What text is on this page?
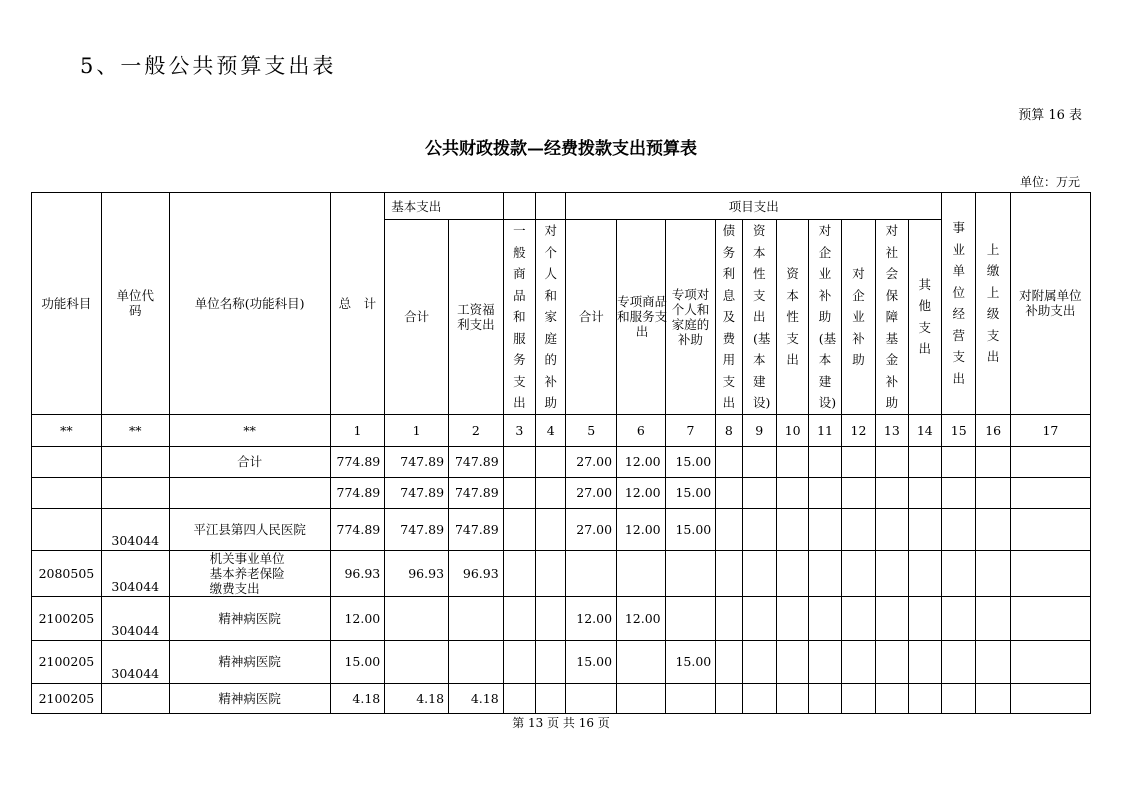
5、一般公共预算支出表
预算 16 表
公共财政拨款—经费拨款支出预算表
单位：万元
功能科目	单位代码	单位名称(功能科目)	总　计	基本支出				项目支出										事业单位经营支出	上缴上级支出	对附属单位补助支出
				合计	工资福利支出	一般商品和服务支出	对个人和家庭的补助	合计	专项商品和服务支出	专项对个人和家庭的补助	债务利息及费用支出	资本性支出(基本建设)	资本性支出	对企业补助(基本建设)	对企业补助	对社会保障基金补助	其他支出			
**	**	**	1	1	2	3	4	5	6	7	8	9	10	11	12	13	14	15	16	17
		合计	774.89	747.89	747.89			27.00	12.00	15.00										
			774.89	747.89	747.89			27.00	12.00	15.00										
	304044	平江县第四人民医院	774.89	747.89	747.89			27.00	12.00	15.00										
2080505	304044	机关事业单位基本养老保险缴费支出	96.93	96.93	96.93															
2100205	304044	精神病医院	12.00					12.00	12.00											
2100205	304044	精神病医院	15.00					15.00		15.00										
2100205		精神病医院	4.18	4.18	4.18															
第 13 页 共 16 页
